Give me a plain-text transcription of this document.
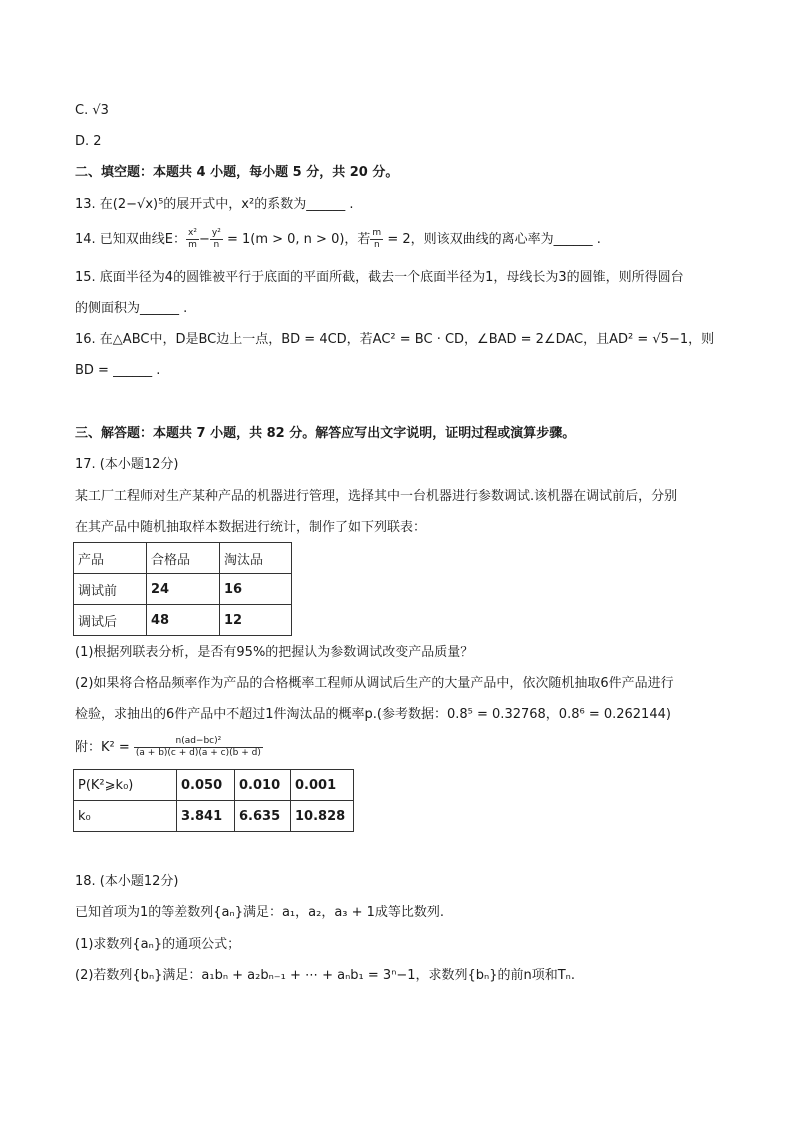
C. √3
D. 2
二、填空题：本题共 4 小题，每小题 5 分，共 20 分。
13. 在(2−√x)⁵的展开式中，x²的系数为______ .
14. 已知双曲线E： $\frac{\text{x²}}{m} - \frac{\text{y²}}{n} = 1(m > 0$, n > 0)，若 $\frac{m}{n} = 2$，则该双曲线的离心率为______ .
15. 底面半径为4的圆锥被平行于底面的平面所截，截去一个底面半径为1，母线长为3的圆锥，则所得圆台
的侧面积为______ .
16. 在△ABC中，D是BC边上一点，BD = 4CD，若AC² = BC · CD，∠BAD = 2∠DAC，且AD² = √5−1，则
BD = ______ .
三、解答题：本题共 7 小题，共 82 分。解答应写出文字说明，证明过程或演算步骤。
17. (本小题12分)
某工厂工程师对生产某种产品的机器进行管理，选择其中一台机器进行参数调试.该机器在调试前后，分别
在其产品中随机抽取样本数据进行统计，制作了如下列联表：
产品	合格品	淘汰品
调试前	24	16
调试后	48	12
(1)根据列联表分析，是否有95%的把握认为参数调试改变产品质量？
(2)如果将合格品频率作为产品的合格概率工程师从调试后生产的大量产品中，依次随机抽取6件产品进行
检验，求抽出的6件产品中不超过1件淘汰品的概率p.(参考数据：0.8⁵ = 0.32768，0.8⁶ = 0.262144)
附：$K^2 = \frac{\text{n(ad−bc)²}}{(a + b)(c + d)(a + c)(b + d)}$
P(K²⩾k₀)	0.050	0.010	0.001
k₀	3.841	6.635	10.828
18. (本小题12分)
已知首项为1的等差数列{aₙ}满足：a₁，a₂，a₃ + 1成等比数列.
(1)求数列{aₙ}的通项公式；
(2)若数列{bₙ}满足：a₁bₙ + a₂bₙ₋₁ + ⋯ + aₙb₁ = 3ⁿ−1，求数列{bₙ}的前n项和Tₙ.
